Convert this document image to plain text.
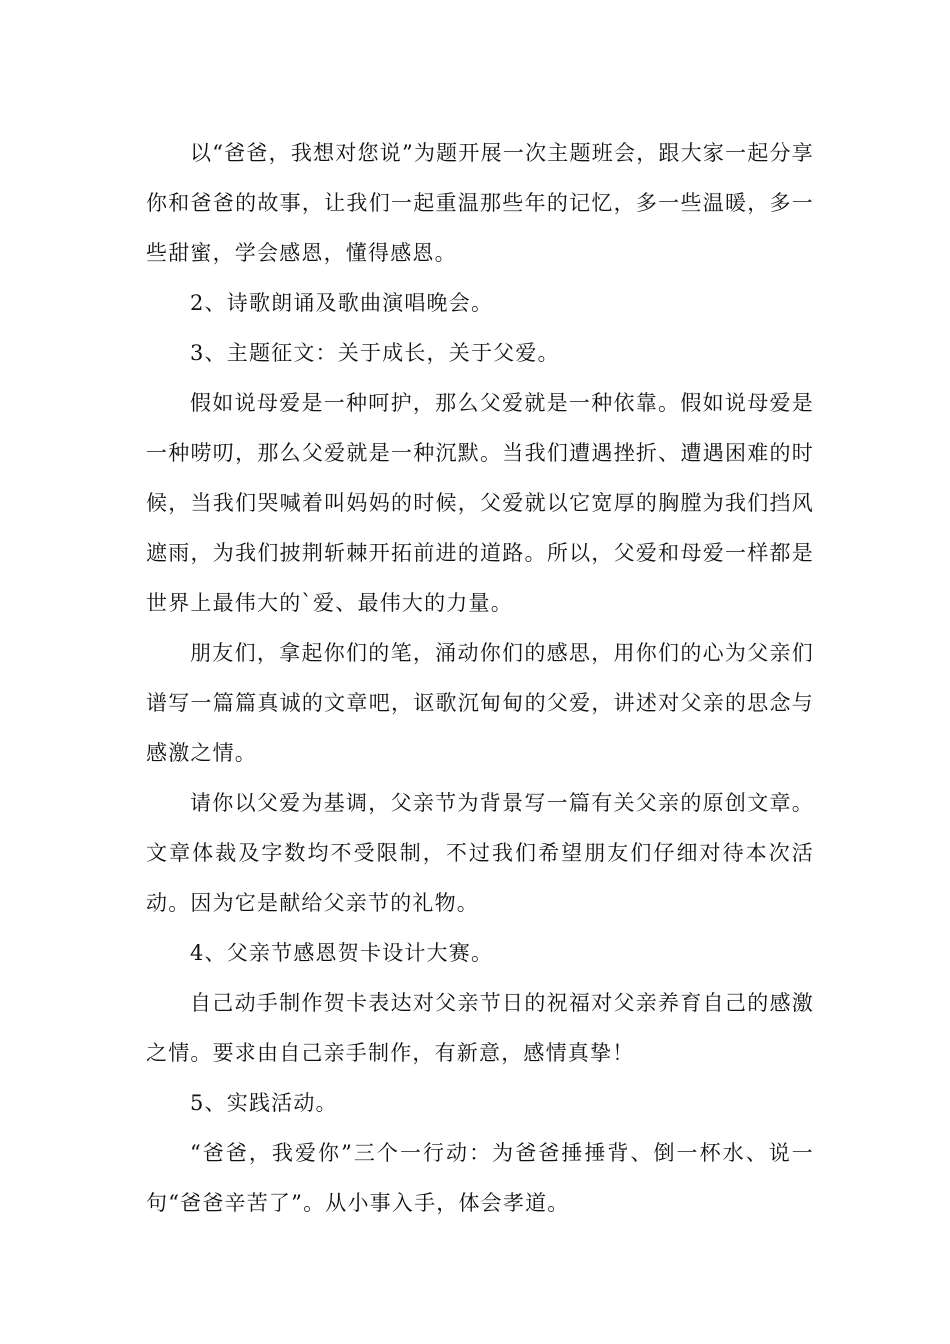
以“爸爸，我想对您说”为题开展一次主题班会，跟大家一起分享你和爸爸的故事，让我们一起重温那些年的记忆，多一些温暖，多一些甜蜜，学会感恩，懂得感恩。

2、诗歌朗诵及歌曲演唱晚会。

3、主题征文：关于成长，关于父爱。

假如说母爱是一种呵护，那么父爱就是一种依靠。假如说母爱是一种唠叨，那么父爱就是一种沉默。当我们遭遇挫折、遭遇困难的时候，当我们哭喊着叫妈妈的时候，父爱就以它宽厚的胸膛为我们挡风遮雨，为我们披荆斩棘开拓前进的道路。所以，父爱和母爱一样都是世界上最伟大的`爱、最伟大的力量。

朋友们，拿起你们的笔，涌动你们的感思，用你们的心为父亲们谱写一篇篇真诚的文章吧，讴歌沉甸甸的父爱，讲述对父亲的思念与感激之情。

请你以父爱为基调，父亲节为背景写一篇有关父亲的原创文章。文章体裁及字数均不受限制，不过我们希望朋友们仔细对待本次活动。因为它是献给父亲节的礼物。

4、父亲节感恩贺卡设计大赛。

自己动手制作贺卡表达对父亲节日的祝福对父亲养育自己的感激之情。要求由自己亲手制作，有新意，感情真挚！

5、实践活动。

“爸爸，我爱你”三个一行动：为爸爸捶捶背、倒一杯水、说一句“爸爸辛苦了”。从小事入手，体会孝道。
